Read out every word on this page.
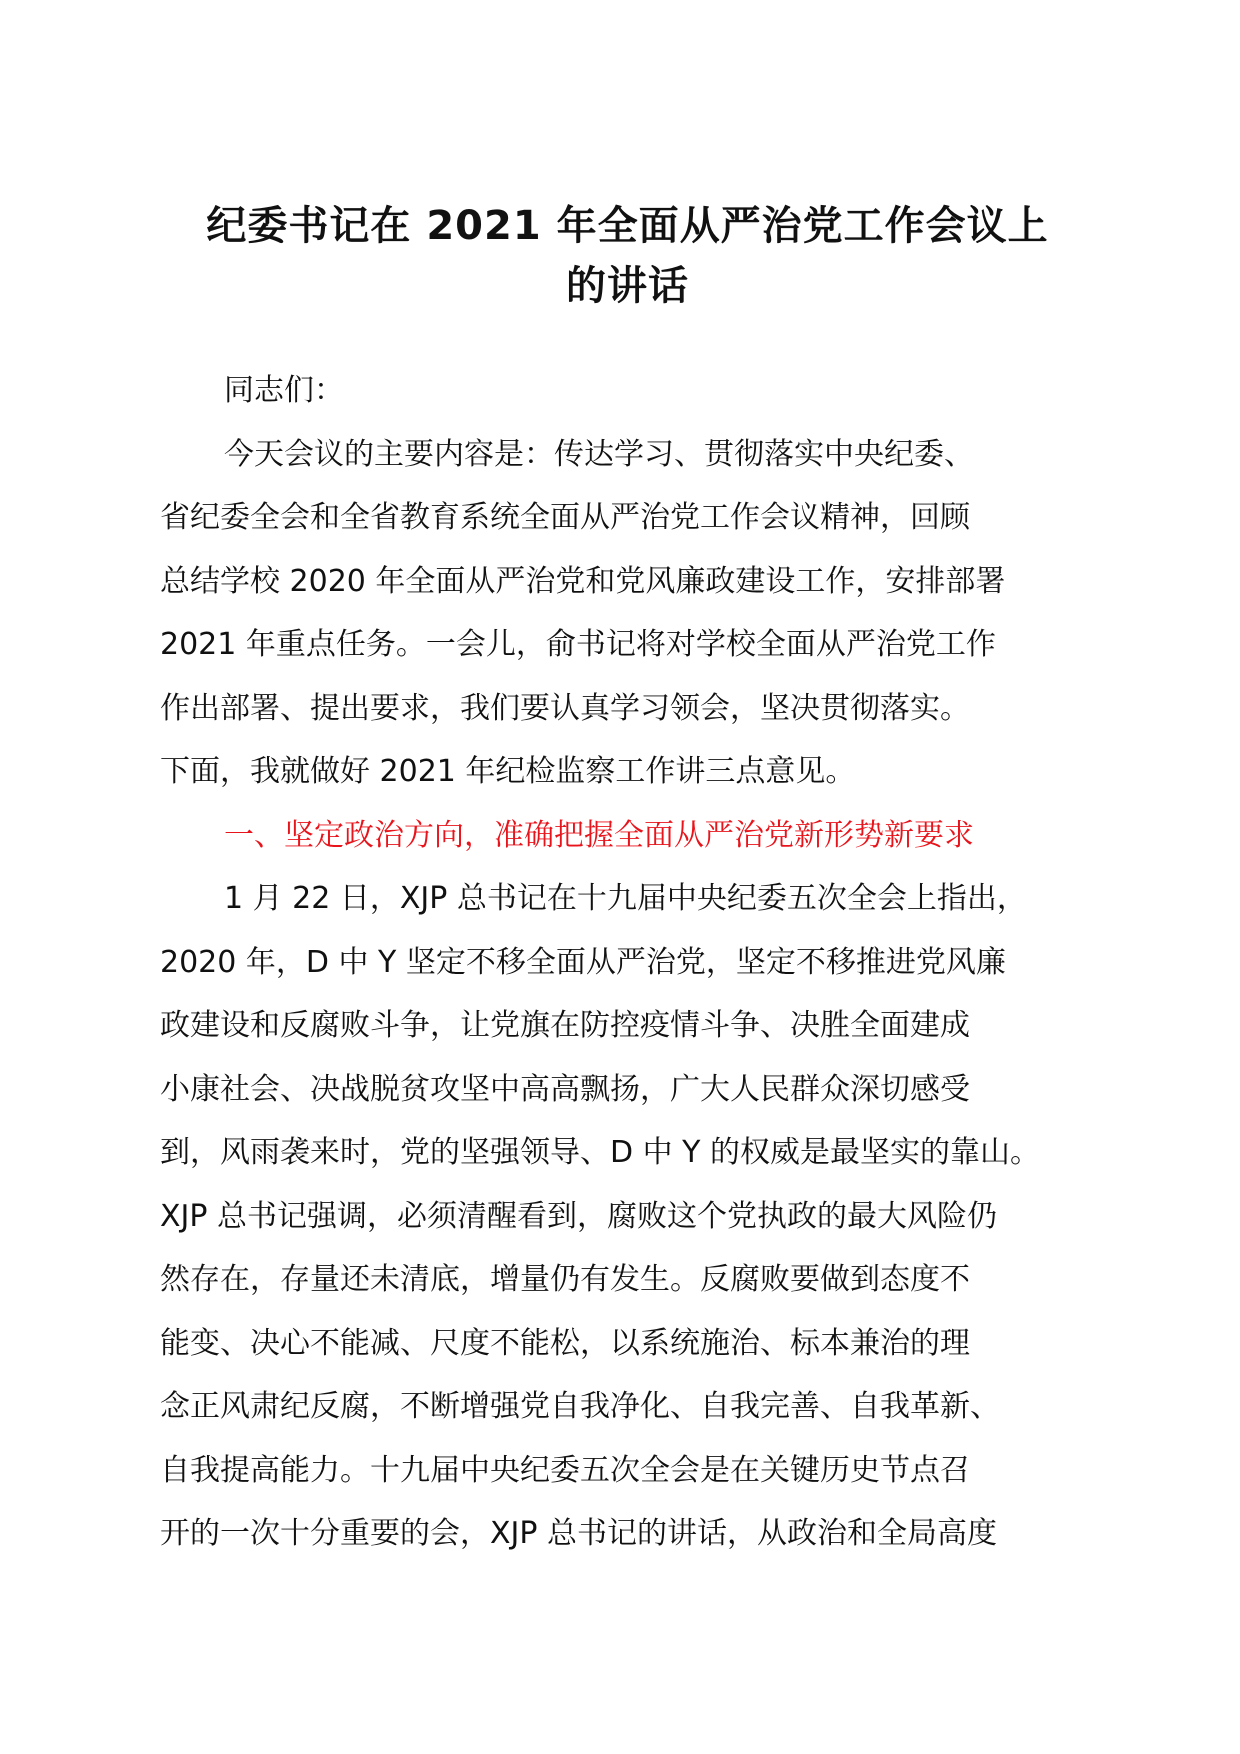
纪委书记在 2021 年全面从严治党工作会议上
的讲话
同志们：
今天会议的主要内容是：传达学习、贯彻落实中央纪委、
省纪委全会和全省教育系统全面从严治党工作会议精神，回顾
总结学校 2020 年全面从严治党和党风廉政建设工作，安排部署
2021 年重点任务。一会儿，俞书记将对学校全面从严治党工作
作出部署、提出要求，我们要认真学习领会，坚决贯彻落实。
下面，我就做好 2021 年纪检监察工作讲三点意见。
一、坚定政治方向，准确把握全面从严治党新形势新要求
1 月 22 日，XJP 总书记在十九届中央纪委五次全会上指出，
2020 年，D 中 Y 坚定不移全面从严治党，坚定不移推进党风廉
政建设和反腐败斗争，让党旗在防控疫情斗争、决胜全面建成
小康社会、决战脱贫攻坚中高高飘扬，广大人民群众深切感受
到，风雨袭来时，党的坚强领导、D 中 Y 的权威是最坚实的靠山。
XJP 总书记强调，必须清醒看到，腐败这个党执政的最大风险仍
然存在，存量还未清底，增量仍有发生。反腐败要做到态度不
能变、决心不能减、尺度不能松，以系统施治、标本兼治的理
念正风肃纪反腐，不断增强党自我净化、自我完善、自我革新、
自我提高能力。十九届中央纪委五次全会是在关键历史节点召
开的一次十分重要的会，XJP 总书记的讲话，从政治和全局高度
